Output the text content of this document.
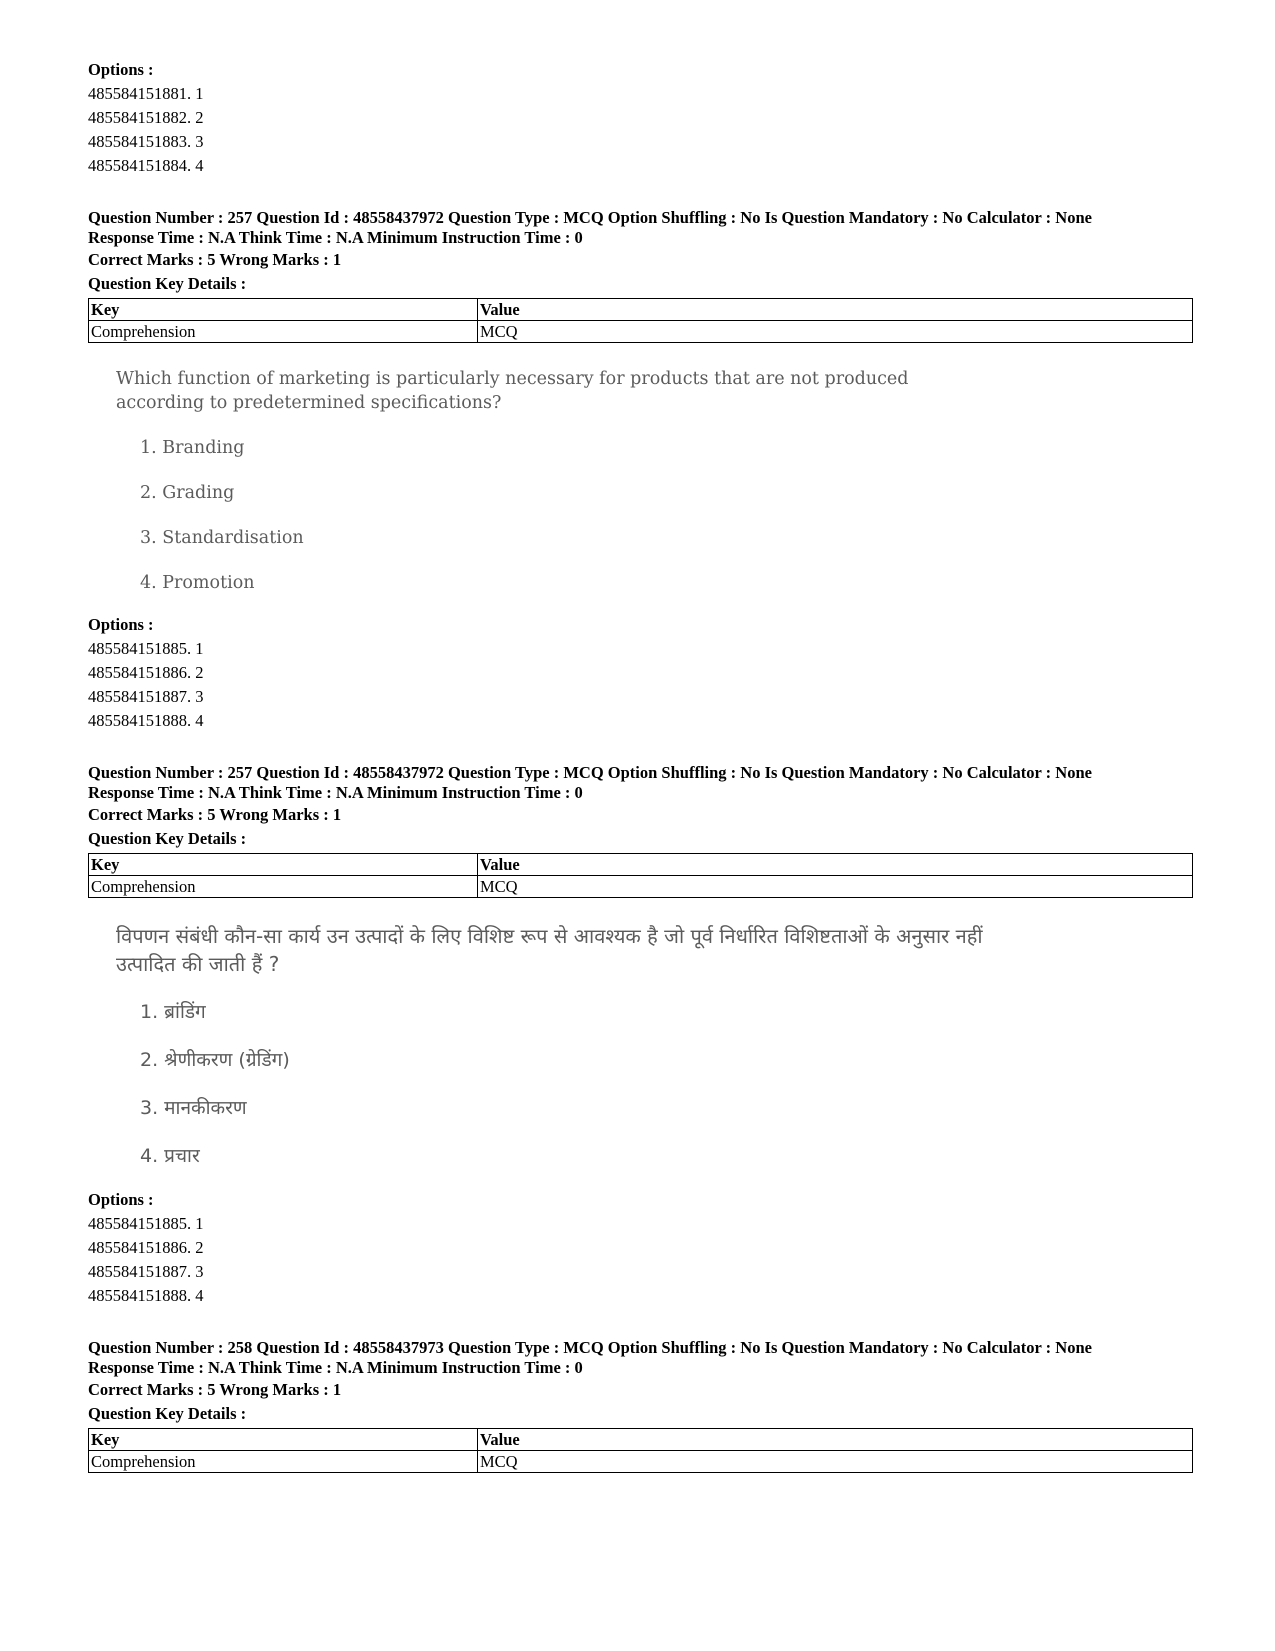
Options :
485584151881. 1
485584151882. 2
485584151883. 3
485584151884. 4
Question Number : 257 Question Id : 48558437972 Question Type : MCQ Option Shuffling : No Is Question Mandatory : No Calculator : None
Response Time : N.A Think Time : N.A Minimum Instruction Time : 0
Correct Marks : 5 Wrong Marks : 1
Question Key Details :
Key	Value
Comprehension	MCQ
Which function of marketing is particularly necessary for products that are not produced according to predetermined specifications?
1. Branding
2. Grading
3. Standardisation
4. Promotion
Options :
485584151885. 1
485584151886. 2
485584151887. 3
485584151888. 4
Question Number : 257 Question Id : 48558437972 Question Type : MCQ Option Shuffling : No Is Question Mandatory : No Calculator : None
Response Time : N.A Think Time : N.A Minimum Instruction Time : 0
Correct Marks : 5 Wrong Marks : 1
Question Key Details :
Key	Value
Comprehension	MCQ
विपणन संबंधी कौन-सा कार्य उन उत्पादों के लिए विशिष्ट रूप से आवश्यक है जो पूर्व निर्धारित विशिष्टताओं के अनुसार नहीं उत्पादित की जाती हैं ?
1. ब्रांडिंग
2. श्रेणीकरण (ग्रेडिंग)
3. मानकीकरण
4. प्रचार
Options :
485584151885. 1
485584151886. 2
485584151887. 3
485584151888. 4
Question Number : 258 Question Id : 48558437973 Question Type : MCQ Option Shuffling : No Is Question Mandatory : No Calculator : None
Response Time : N.A Think Time : N.A Minimum Instruction Time : 0
Correct Marks : 5 Wrong Marks : 1
Question Key Details :
Key	Value
Comprehension	MCQ
